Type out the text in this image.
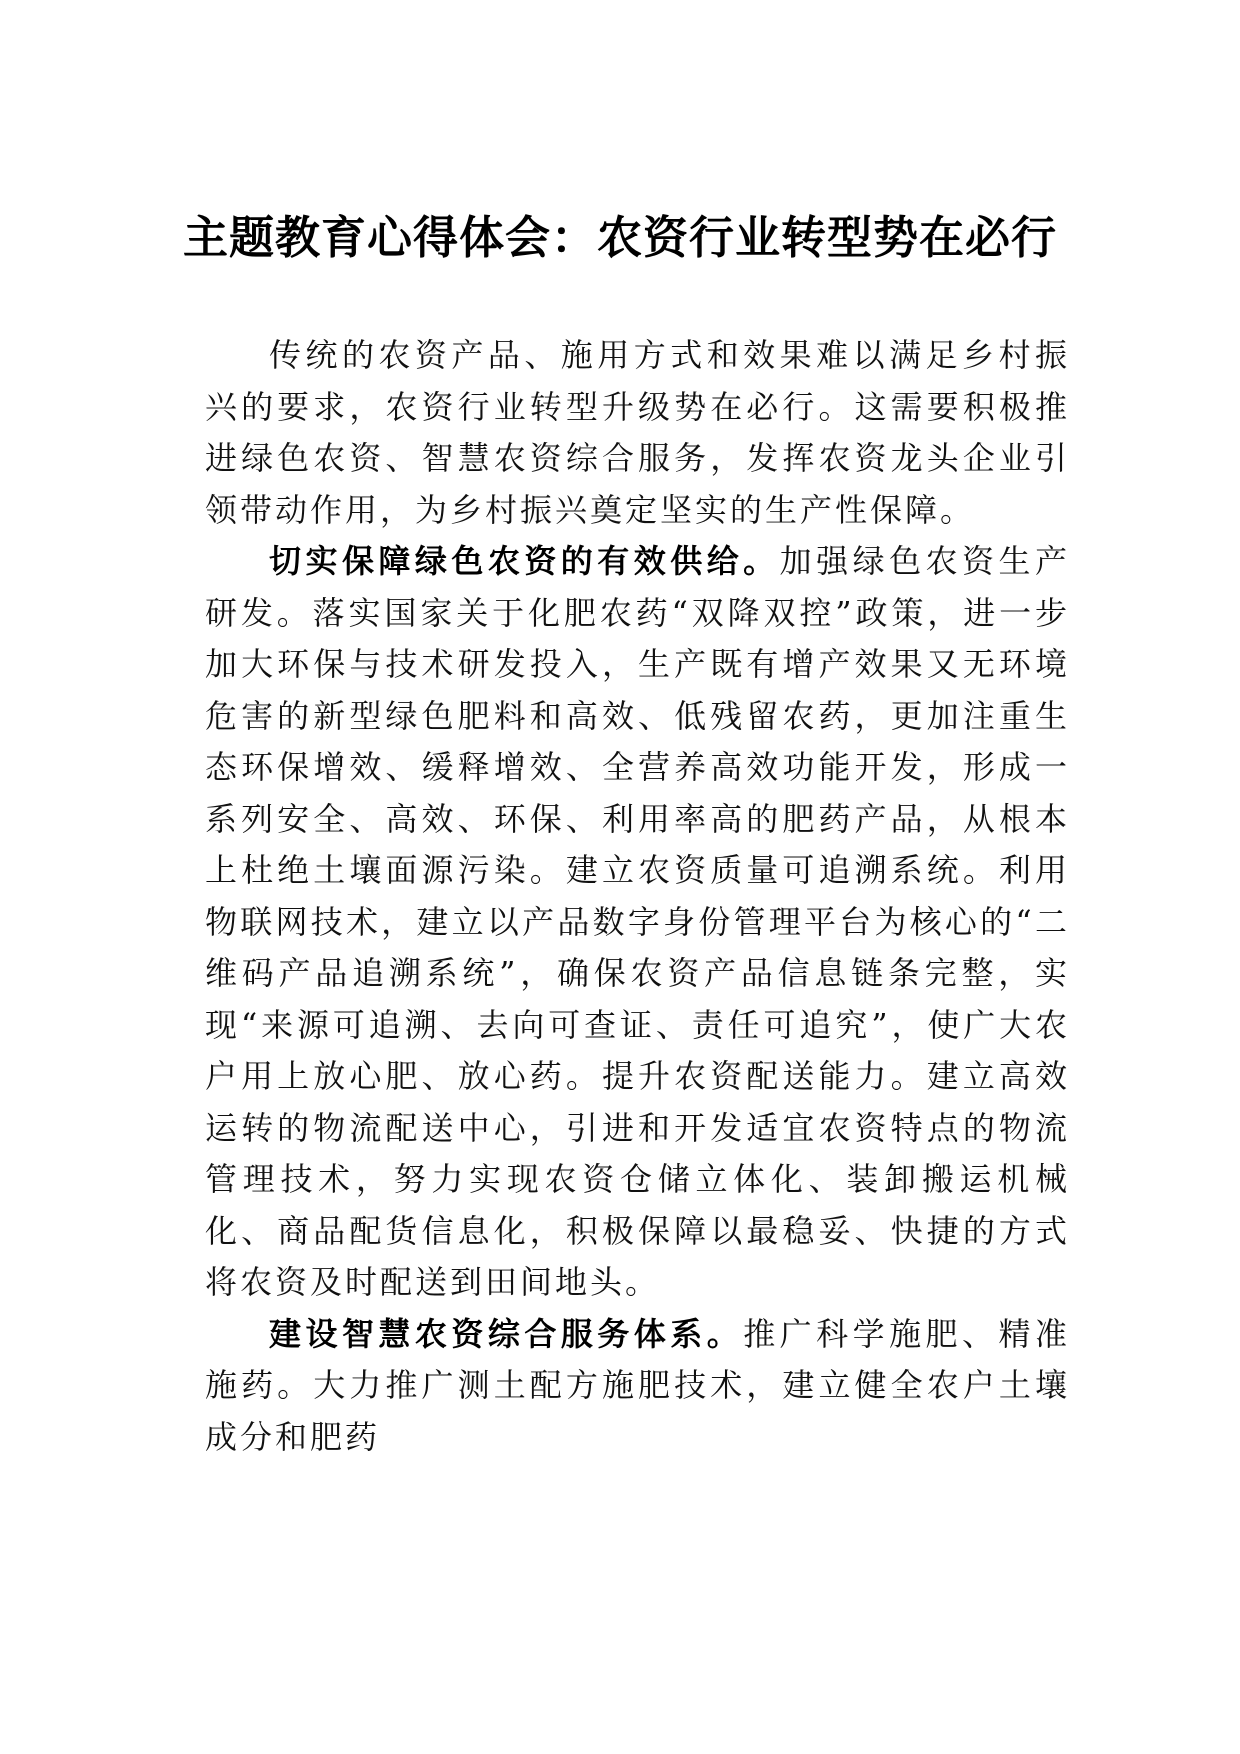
主题教育心得体会：农资行业转型势在必行

传统的农资产品、施用方式和效果难以满足乡村振兴的要求，农资行业转型升级势在必行。这需要积极推进绿色农资、智慧农资综合服务，发挥农资龙头企业引领带动作用，为乡村振兴奠定坚实的生产性保障。

切实保障绿色农资的有效供给。加强绿色农资生产研发。落实国家关于化肥农药“双降双控”政策，进一步加大环保与技术研发投入，生产既有增产效果又无环境危害的新型绿色肥料和高效、低残留农药，更加注重生态环保增效、缓释增效、全营养高效功能开发，形成一系列安全、高效、环保、利用率高的肥药产品，从根本上杜绝土壤面源污染。建立农资质量可追溯系统。利用物联网技术，建立以产品数字身份管理平台为核心的“二维码产品追溯系统”，确保农资产品信息链条完整，实现“来源可追溯、去向可查证、责任可追究”，使广大农户用上放心肥、放心药。提升农资配送能力。建立高效运转的物流配送中心，引进和开发适宜农资特点的物流管理技术，努力实现农资仓储立体化、装卸搬运机械化、商品配货信息化，积极保障以最稳妥、快捷的方式将农资及时配送到田间地头。

建设智慧农资综合服务体系。推广科学施肥、精准施药。大力推广测土配方施肥技术，建立健全农户土壤成分和肥药
